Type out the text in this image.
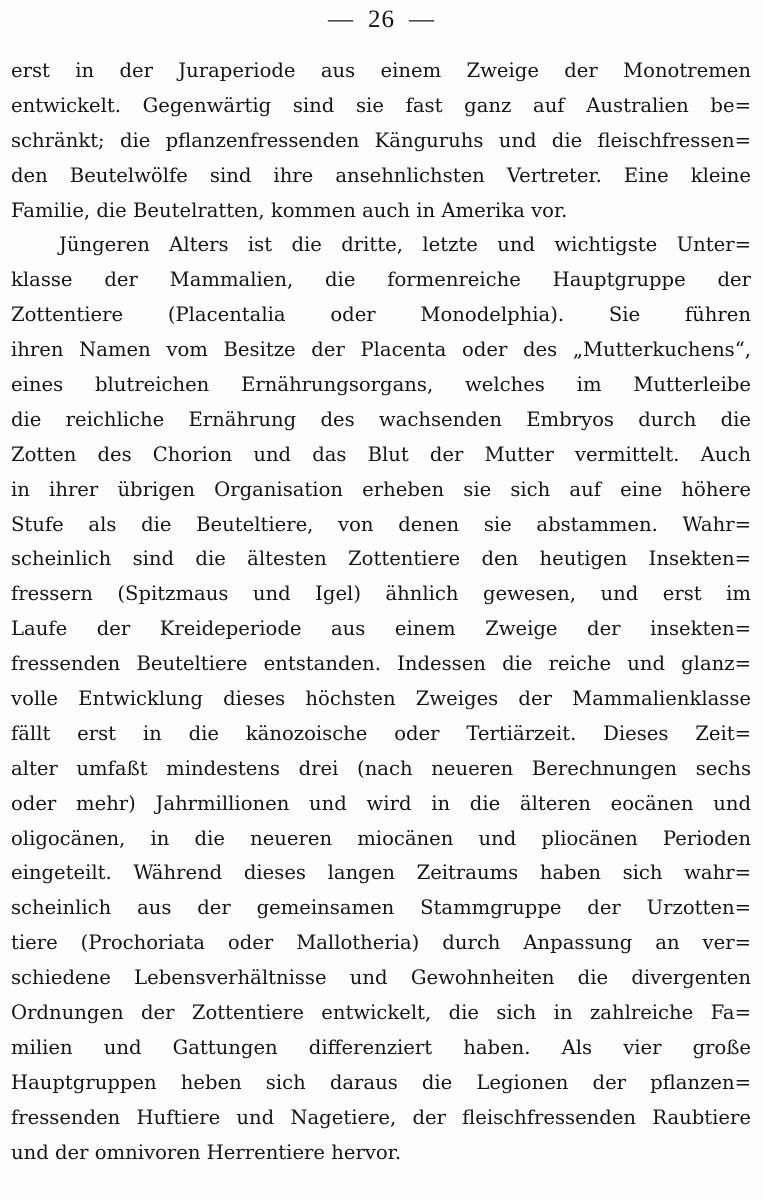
— 26 —
erst in der Juraperiode aus einem Zweige der Monotremen
entwickelt. Gegenwärtig sind sie fast ganz auf Australien be=
schränkt; die pflanzenfressenden Känguruhs und die fleischfressen=
den Beutelwölfe sind ihre ansehnlichsten Vertreter. Eine kleine
Familie, die Beutelratten, kommen auch in Amerika vor.
Jüngeren Alters ist die dritte, letzte und wichtigste Unter=
klasse der Mammalien, die formenreiche Hauptgruppe der
Zottentiere (Placentalia oder Monodelphia). Sie führen
ihren Namen vom Besitze der Placenta oder des „Mutterkuchens“,
eines blutreichen Ernährungsorgans, welches im Mutterleibe
die reichliche Ernährung des wachsenden Embryos durch die
Zotten des Chorion und das Blut der Mutter vermittelt. Auch
in ihrer übrigen Organisation erheben sie sich auf eine höhere
Stufe als die Beuteltiere, von denen sie abstammen. Wahr=
scheinlich sind die ältesten Zottentiere den heutigen Insekten=
fressern (Spitzmaus und Igel) ähnlich gewesen, und erst im
Laufe der Kreideperiode aus einem Zweige der insekten=
fressenden Beuteltiere entstanden. Indessen die reiche und glanz=
volle Entwicklung dieses höchsten Zweiges der Mammalienklasse
fällt erst in die känozoische oder Tertiärzeit. Dieses Zeit=
alter umfaßt mindestens drei (nach neueren Berechnungen sechs
oder mehr) Jahrmillionen und wird in die älteren eocänen und
oligocänen, in die neueren miocänen und pliocänen Perioden
eingeteilt. Während dieses langen Zeitraums haben sich wahr=
scheinlich aus der gemeinsamen Stammgruppe der Urzotten=
tiere (Prochoriata oder Mallotheria) durch Anpassung an ver=
schiedene Lebensverhältnisse und Gewohnheiten die divergenten
Ordnungen der Zottentiere entwickelt, die sich in zahlreiche Fa=
milien und Gattungen differenziert haben. Als vier große
Hauptgruppen heben sich daraus die Legionen der pflanzen=
fressenden Huftiere und Nagetiere, der fleischfressenden Raubtiere
und der omnivoren Herrentiere hervor.
